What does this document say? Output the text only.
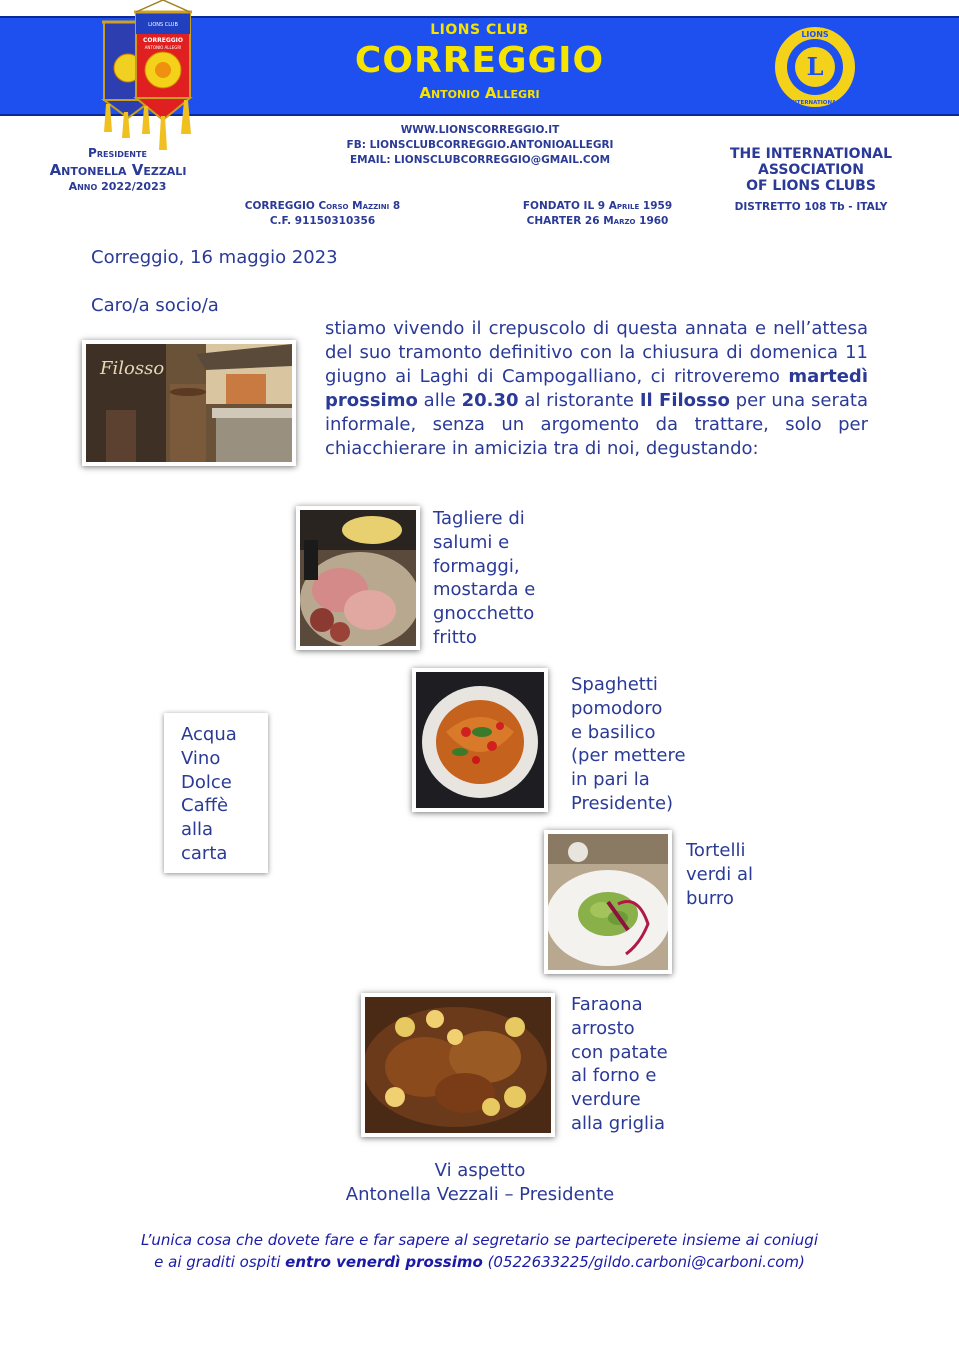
LIONS CLUB
CORREGGIO
Antonio Allegri
LIONS CLUB
CORREGGIO
ANTONIO ALLEGRI
L
LIONS
INTERNATIONAL
Presidente
Antonella Vezzali
Anno 2022/2023
WWW.LIONSCORREGGIO.IT
FB: LIONSCLUBCORREGGIO.ANTONIOALLEGRI
EMAIL: LIONSCLUBCORREGGIO@GMAIL.COM	THE INTERNATIONAL
ASSOCIATION
OF LIONS CLUBS
DISTRETTO 108 Tb - ITALY
CORREGGIO Corso Mazzini 8
C.F. 91150310356
FONDATO IL 9 Aprile 1959
CHARTER 26 Marzo 1960
Correggio, 16 maggio 2023
Caro/a socio/a
stiamo vivendo il crepuscolo di questa annata e nell’attesa del suo tramonto definitivo con la chiusura di domenica 11 giugno ai Laghi di Campogalliano, ci ritroveremo martedì prossimo alle 20.30 al ristorante Il Filosso per una serata informale, senza un argomento da trattare, solo per chiacchierare in amicizia tra di noi, degustando:
Filosso
Tagliere di
salumi e
formaggi,
mostarda e
gnocchetto
fritto
Spaghetti
pomodoro
e basilico
(per mettere
in pari la
Presidente)
Acqua
Vino
Dolce
Caffè
alla
carta	Tortelli
verdi al
burro
Faraona
arrosto
con patate
al forno e
verdure
alla griglia
Vi aspetto
Antonella Vezzali – Presidente
L’unica cosa che dovete fare e far sapere al segretario se parteciperete insieme ai coniugi
e ai graditi ospiti entro venerdì prossimo (0522633225/gildo.carboni@carboni.com)
